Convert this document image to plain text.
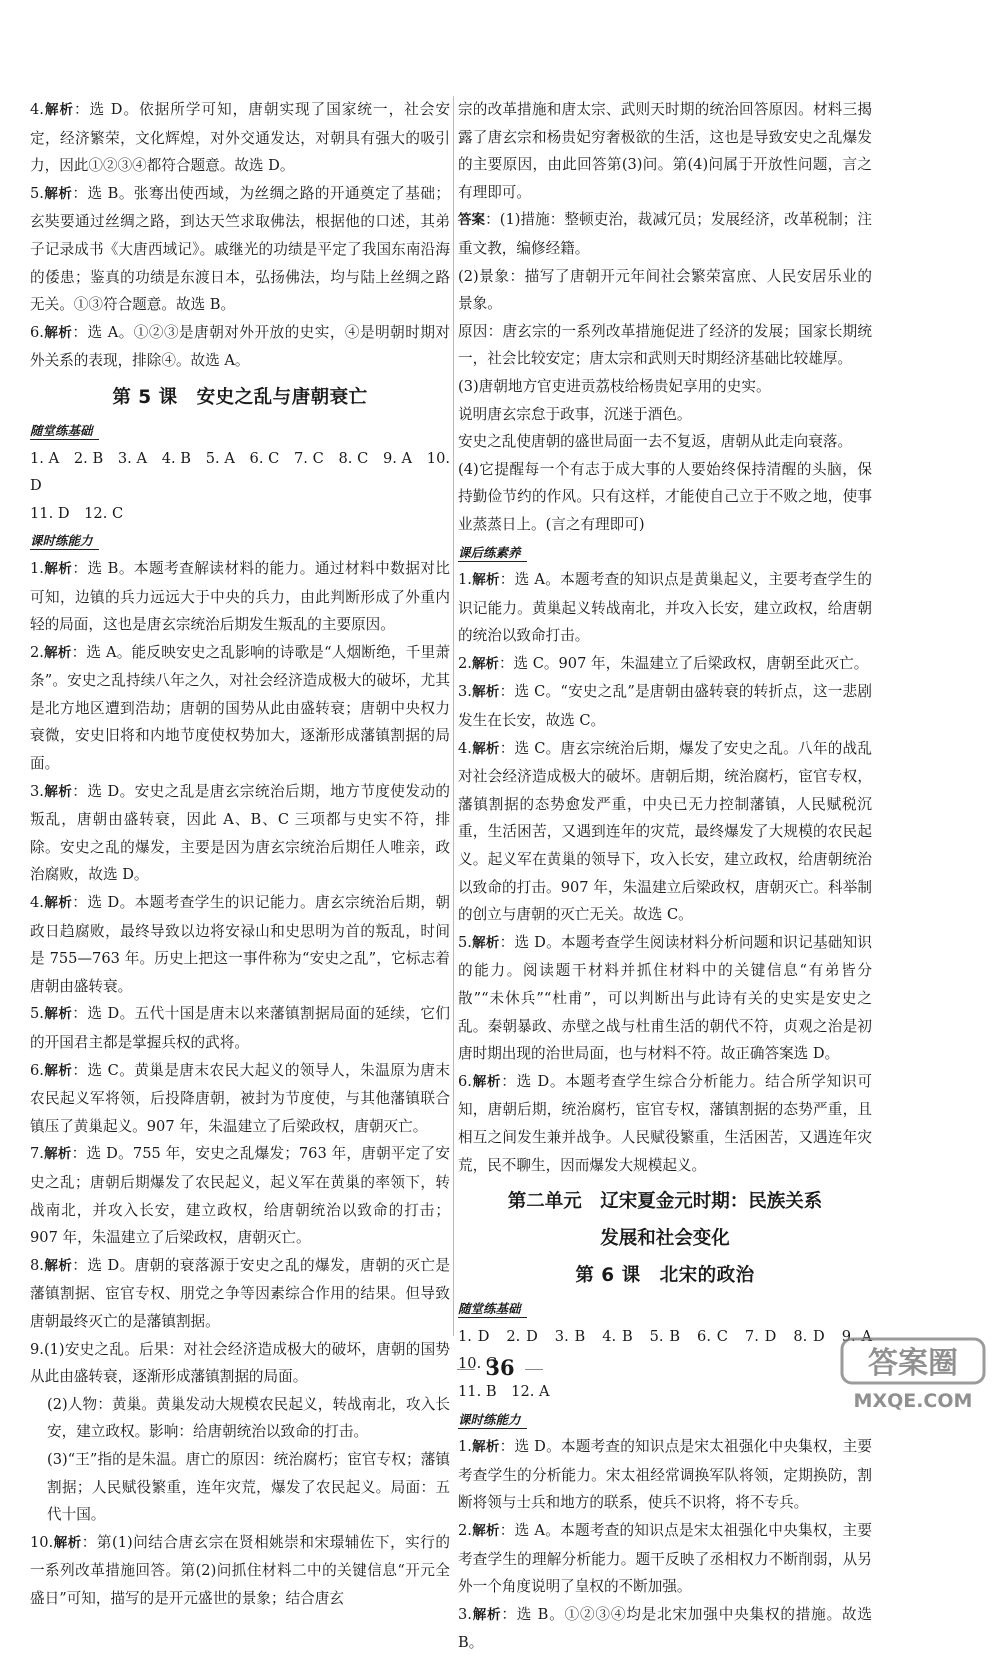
4.解析：选 D。依据所学可知，唐朝实现了国家统一，社会安定，经济繁荣，文化辉煌，对外交通发达，对朝具有强大的吸引力，因此①②③④都符合题意。故选 D。

5.解析：选 B。张骞出使西域，为丝绸之路的开通奠定了基础；玄奘要通过丝绸之路，到达天竺求取佛法，根据他的口述，其弟子记录成书《大唐西域记》。戚继光的功绩是平定了我国东南沿海的倭患；鉴真的功绩是东渡日本，弘扬佛法，均与陆上丝绸之路无关。①③符合题意。故选 B。

6.解析：选 A。①②③是唐朝对外开放的史实，④是明朝时期对外关系的表现，排除④。故选 A。

第 5 课　安史之乱与唐朝衰亡
随堂练基础

1. A　2. B　3. A　4. B　5. A　6. C　7. C　8. C　9. A　10. D

11. D　12. C

课时练能力

1.解析：选 B。本题考查解读材料的能力。通过材料中数据对比可知，边镇的兵力远远大于中央的兵力，由此判断形成了外重内轻的局面，这也是唐玄宗统治后期发生叛乱的主要原因。

2.解析：选 A。能反映安史之乱影响的诗歌是“人烟断绝，千里萧条”。安史之乱持续八年之久，对社会经济造成极大的破坏，尤其是北方地区遭到浩劫；唐朝的国势从此由盛转衰；唐朝中央权力衰微，安史旧将和内地节度使权势加大，逐渐形成藩镇割据的局面。

3.解析：选 D。安史之乱是唐玄宗统治后期，地方节度使发动的叛乱，唐朝由盛转衰，因此 A、B、C 三项都与史实不符，排除。安史之乱的爆发，主要是因为唐玄宗统治后期任人唯亲，政治腐败，故选 D。

4.解析：选 D。本题考查学生的识记能力。唐玄宗统治后期，朝政日趋腐败，最终导致以边将安禄山和史思明为首的叛乱，时间是 755—763 年。历史上把这一事件称为“安史之乱”，它标志着唐朝由盛转衰。

5.解析：选 D。五代十国是唐末以来藩镇割据局面的延续，它们的开国君主都是掌握兵权的武将。

6.解析：选 C。黄巢是唐末农民大起义的领导人，朱温原为唐末农民起义军将领，后投降唐朝，被封为节度使，与其他藩镇联合镇压了黄巢起义。907 年，朱温建立了后梁政权，唐朝灭亡。

7.解析：选 D。755 年，安史之乱爆发；763 年，唐朝平定了安史之乱；唐朝后期爆发了农民起义，起义军在黄巢的率领下，转战南北，并攻入长安，建立政权，给唐朝统治以致命的打击；907 年，朱温建立了后梁政权，唐朝灭亡。

8.解析：选 D。唐朝的衰落源于安史之乱的爆发，唐朝的灭亡是藩镇割据、宦官专权、朋党之争等因素综合作用的结果。但导致唐朝最终灭亡的是藩镇割据。

9.(1)安史之乱。后果：对社会经济造成极大的破坏，唐朝的国势从此由盛转衰，逐渐形成藩镇割据的局面。

(2)人物：黄巢。黄巢发动大规模农民起义，转战南北，攻入长安，建立政权。影响：给唐朝统治以致命的打击。

(3)“王”指的是朱温。唐亡的原因：统治腐朽；宦官专权；藩镇割据；人民赋役繁重，连年灾荒，爆发了农民起义。局面：五代十国。

10.解析：第(1)问结合唐玄宗在贤相姚崇和宋璟辅佐下，实行的一系列改革措施回答。第(2)问抓住材料二中的关键信息“开元全盛日”可知，描写的是开元盛世的景象；结合唐玄

宗的改革措施和唐太宗、武则天时期的统治回答原因。材料三揭露了唐玄宗和杨贵妃穷奢极欲的生活，这也是导致安史之乱爆发的主要原因，由此回答第(3)问。第(4)问属于开放性问题，言之有理即可。

答案：(1)措施：整顿吏治，裁减冗员；发展经济，改革税制；注重文教，编修经籍。

(2)景象：描写了唐朝开元年间社会繁荣富庶、人民安居乐业的景象。

原因：唐玄宗的一系列改革措施促进了经济的发展；国家长期统一，社会比较安定；唐太宗和武则天时期经济基础比较雄厚。

(3)唐朝地方官吏进贡荔枝给杨贵妃享用的史实。

说明唐玄宗怠于政事，沉迷于酒色。

安史之乱使唐朝的盛世局面一去不复返，唐朝从此走向衰落。

(4)它提醒每一个有志于成大事的人要始终保持清醒的头脑，保持勤俭节约的作风。只有这样，才能使自己立于不败之地，使事业蒸蒸日上。(言之有理即可)

课后练素养

1.解析：选 A。本题考查的知识点是黄巢起义，主要考查学生的识记能力。黄巢起义转战南北，并攻入长安，建立政权，给唐朝的统治以致命打击。

2.解析：选 C。907 年，朱温建立了后梁政权，唐朝至此灭亡。

3.解析：选 C。“安史之乱”是唐朝由盛转衰的转折点，这一悲剧发生在长安，故选 C。

4.解析：选 C。唐玄宗统治后期，爆发了安史之乱。八年的战乱对社会经济造成极大的破坏。唐朝后期，统治腐朽，宦官专权，藩镇割据的态势愈发严重，中央已无力控制藩镇，人民赋税沉重，生活困苦，又遇到连年的灾荒，最终爆发了大规模的农民起义。起义军在黄巢的领导下，攻入长安，建立政权，给唐朝统治以致命的打击。907 年，朱温建立后梁政权，唐朝灭亡。科举制的创立与唐朝的灭亡无关。故选 C。

5.解析：选 D。本题考查学生阅读材料分析问题和识记基础知识的能力。阅读题干材料并抓住材料中的关键信息“有弟皆分散”“未休兵”“杜甫”，可以判断出与此诗有关的史实是安史之乱。秦朝暴政、赤壁之战与杜甫生活的朝代不符，贞观之治是初唐时期出现的治世局面，也与材料不符。故正确答案选 D。

6.解析：选 D。本题考查学生综合分析能力。结合所学知识可知，唐朝后期，统治腐朽，宦官专权，藩镇割据的态势严重，且相互之间发生兼并战争。人民赋役繁重，生活困苦，又遇连年灾荒，民不聊生，因而爆发大规模起义。

第二单元　辽宋夏金元时期：民族关系
发展和社会变化
第 6 课　北宋的政治
随堂练基础

1. D　2. D　3. B　4. B　5. B　6. C　7. D　8. D　9. A　10. C

11. B　12. A

课时练能力

1.解析：选 D。本题考查的知识点是宋太祖强化中央集权，主要考查学生的分析能力。宋太祖经常调换军队将领，定期换防，割断将领与士兵和地方的联系，使兵不识将，将不专兵。

2.解析：选 A。本题考查的知识点是宋太祖强化中央集权，主要考查学生的理解分析能力。题干反映了丞相权力不断削弱，从另外一个角度说明了皇权的不断加强。

3.解析：选 B。①②③④均是北宋加强中央集权的措施。故选 B。

36	答案圈
MXQE.COM
